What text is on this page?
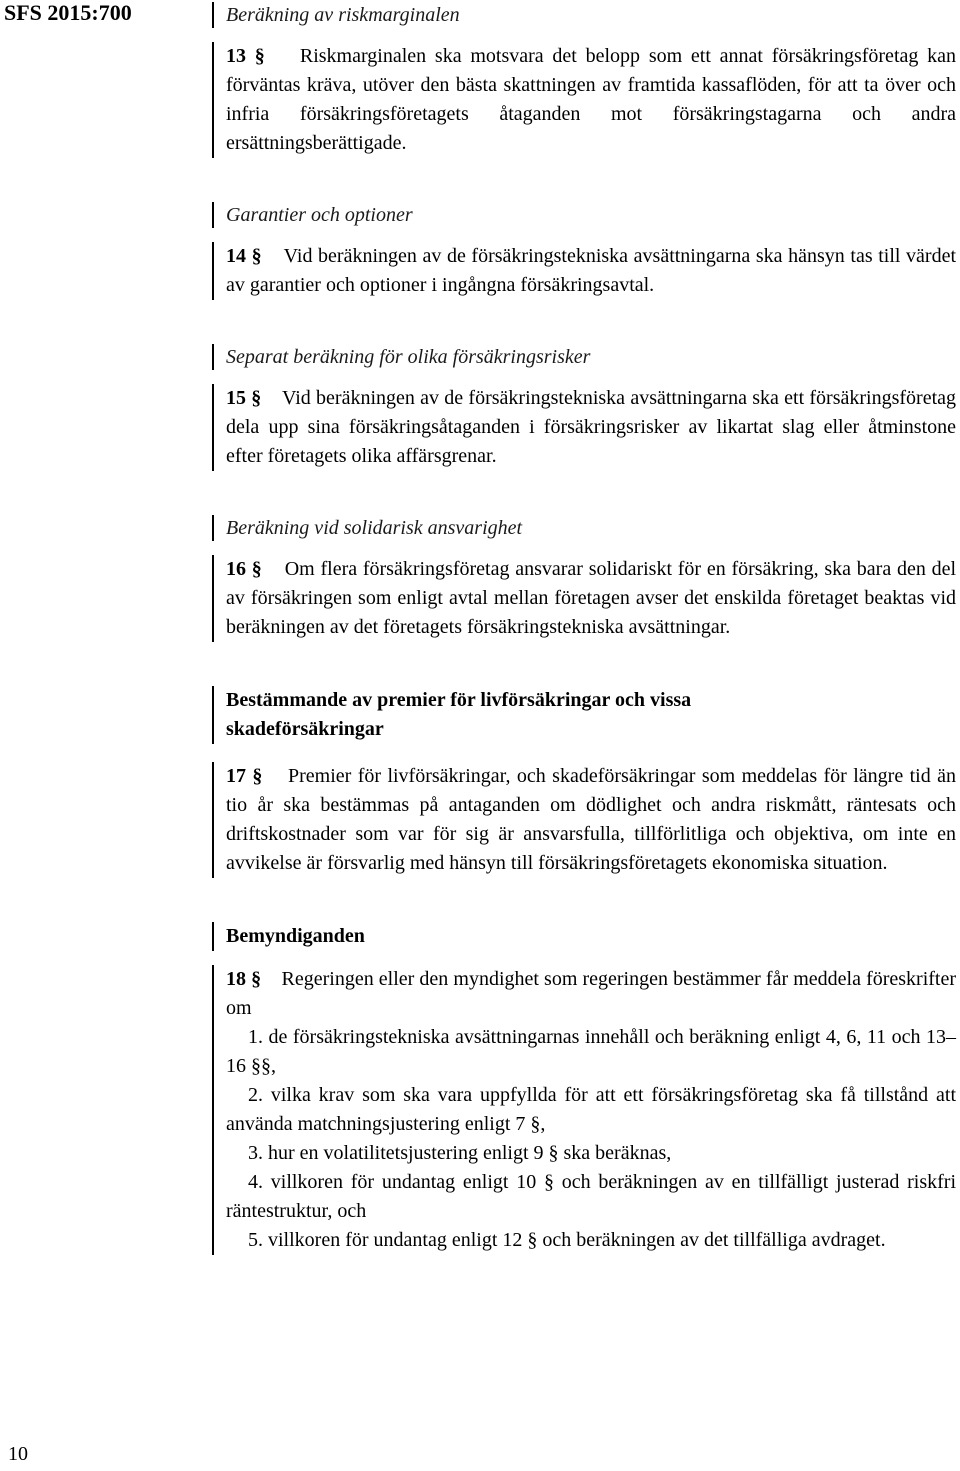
SFS 2015:700	Beräkning av riskmarginalen
13 § Riskmarginalen ska motsvara det belopp som ett annat försäkringsföretag kan förväntas kräva, utöver den bästa skattningen av framtida kassaflöden, för att ta över och infria försäkringsföretagets åtaganden mot försäkringstagarna och andra ersättningsberättigade.
Garantier och optioner
14 § Vid beräkningen av de försäkringstekniska avsättningarna ska hänsyn tas till värdet av garantier och optioner i ingångna försäkringsavtal.
Separat beräkning för olika försäkringsrisker
15 § Vid beräkningen av de försäkringstekniska avsättningarna ska ett försäkringsföretag dela upp sina försäkringsåtaganden i försäkringsrisker av likartat slag eller åtminstone efter företagets olika affärsgrenar.
Beräkning vid solidarisk ansvarighet
16 § Om flera försäkringsföretag ansvarar solidariskt för en försäkring, ska bara den del av försäkringen som enligt avtal mellan företagen avser det enskilda företaget beaktas vid beräkningen av det företagets försäkringstekniska avsättningar.
Bestämmande av premier för livförsäkringar och vissa skadeförsäkringar
17 § Premier för livförsäkringar, och skadeförsäkringar som meddelas för längre tid än tio år ska bestämmas på antaganden om dödlighet och andra riskmått, räntesats och driftskostnader som var för sig är ansvarsfulla, tillförlitliga och objektiva, om inte en avvikelse är försvarlig med hänsyn till försäkringsföretagets ekonomiska situation.
Bemyndiganden
18 § Regeringen eller den myndighet som regeringen bestämmer får meddela föreskrifter om
1. de försäkringstekniska avsättningarnas innehåll och beräkning enligt 4, 6, 11 och 13–16 §§,
2. vilka krav som ska vara uppfyllda för att ett försäkringsföretag ska få tillstånd att använda matchningsjustering enligt 7 §,
3. hur en volatilitetsjustering enligt 9 § ska beräknas,
4. villkoren för undantag enligt 10 § och beräkningen av en tillfälligt justerad riskfri räntestruktur, och
5. villkoren för undantag enligt 12 § och beräkningen av det tillfälliga avdraget.
10
